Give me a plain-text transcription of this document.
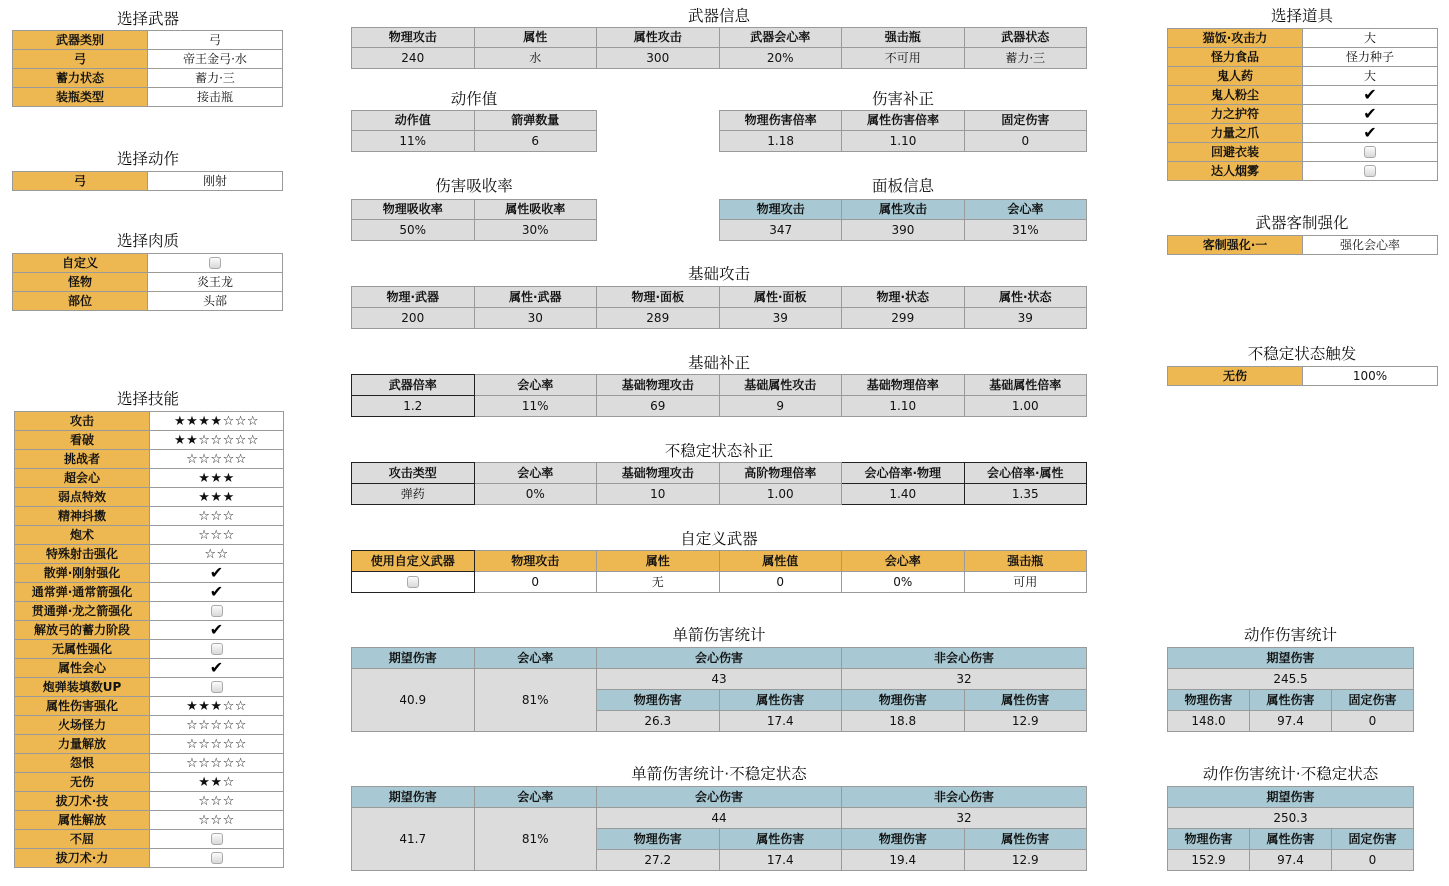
选择武器
武器类别	弓
弓	帝王金弓·水
蓄力状态	蓄力·三
装瓶类型	接击瓶
选择动作
弓	刚射
选择肉质
自定义	
怪物	炎王龙
部位	头部
选择技能
攻击	★★★★☆☆☆
看破	★★☆☆☆☆☆
挑战者	☆☆☆☆☆
超会心	★★★
弱点特效	★★★
精神抖擞	☆☆☆
炮术	☆☆☆
特殊射击强化	☆☆
散弹·刚射强化	✔
通常弹·通常箭强化	✔
贯通弹·龙之箭强化	
解放弓的蓄力阶段	✔
无属性强化	
属性会心	✔
炮弹装填数UP	
属性伤害强化	★★★☆☆
火场怪力	☆☆☆☆☆
力量解放	☆☆☆☆☆
怨恨	☆☆☆☆☆
无伤	★★☆
拔刀术·技	☆☆☆
属性解放	☆☆☆
不屈	
拔刀术·力	
武器信息
物理攻击	属性	属性攻击	武器会心率	强击瓶	武器状态
240	水	300	20%	不可用	蓄力·三
动作值
动作值	箭弹数量
11%	6
伤害补正
物理伤害倍率	属性伤害倍率	固定伤害
1.18	1.10	0
伤害吸收率
物理吸收率	属性吸收率
50%	30%
面板信息
物理攻击	属性攻击	会心率
347	390	31%
基础攻击
物理·武器	属性·武器	物理·面板	属性·面板	物理·状态	属性·状态
200	30	289	39	299	39
基础补正
武器倍率	会心率	基础物理攻击	基础属性攻击	基础物理倍率	基础属性倍率
1.2	11%	69	9	1.10	1.00
不稳定状态补正
攻击类型	会心率	基础物理攻击	高阶物理倍率	会心倍率·物理	会心倍率·属性
弹药	0%	10	1.00	1.40	1.35
自定义武器
使用自定义武器	物理攻击	属性	属性值	会心率	强击瓶
	0	无	0	0%	可用
单箭伤害统计
期望伤害	会心率	会心伤害		非会心伤害	
40.9	81%	43		32	
		物理伤害	属性伤害	物理伤害	属性伤害
		26.3	17.4	18.8	12.9
单箭伤害统计·不稳定状态
期望伤害	会心率	会心伤害		非会心伤害	
41.7	81%	44		32	
		物理伤害	属性伤害	物理伤害	属性伤害
		27.2	17.4	19.4	12.9
选择道具
猫饭·攻击力	大
怪力食品	怪力种子
鬼人药	大
鬼人粉尘	✔
力之护符	✔
力量之爪	✔
回避衣装	
达人烟雾	
武器客制强化
客制强化·一	强化会心率
不稳定状态触发
无伤	100%
动作伤害统计
期望伤害		
245.5		
物理伤害	属性伤害	固定伤害
148.0	97.4	0
动作伤害统计·不稳定状态
期望伤害		
250.3		
物理伤害	属性伤害	固定伤害
152.9	97.4	0
